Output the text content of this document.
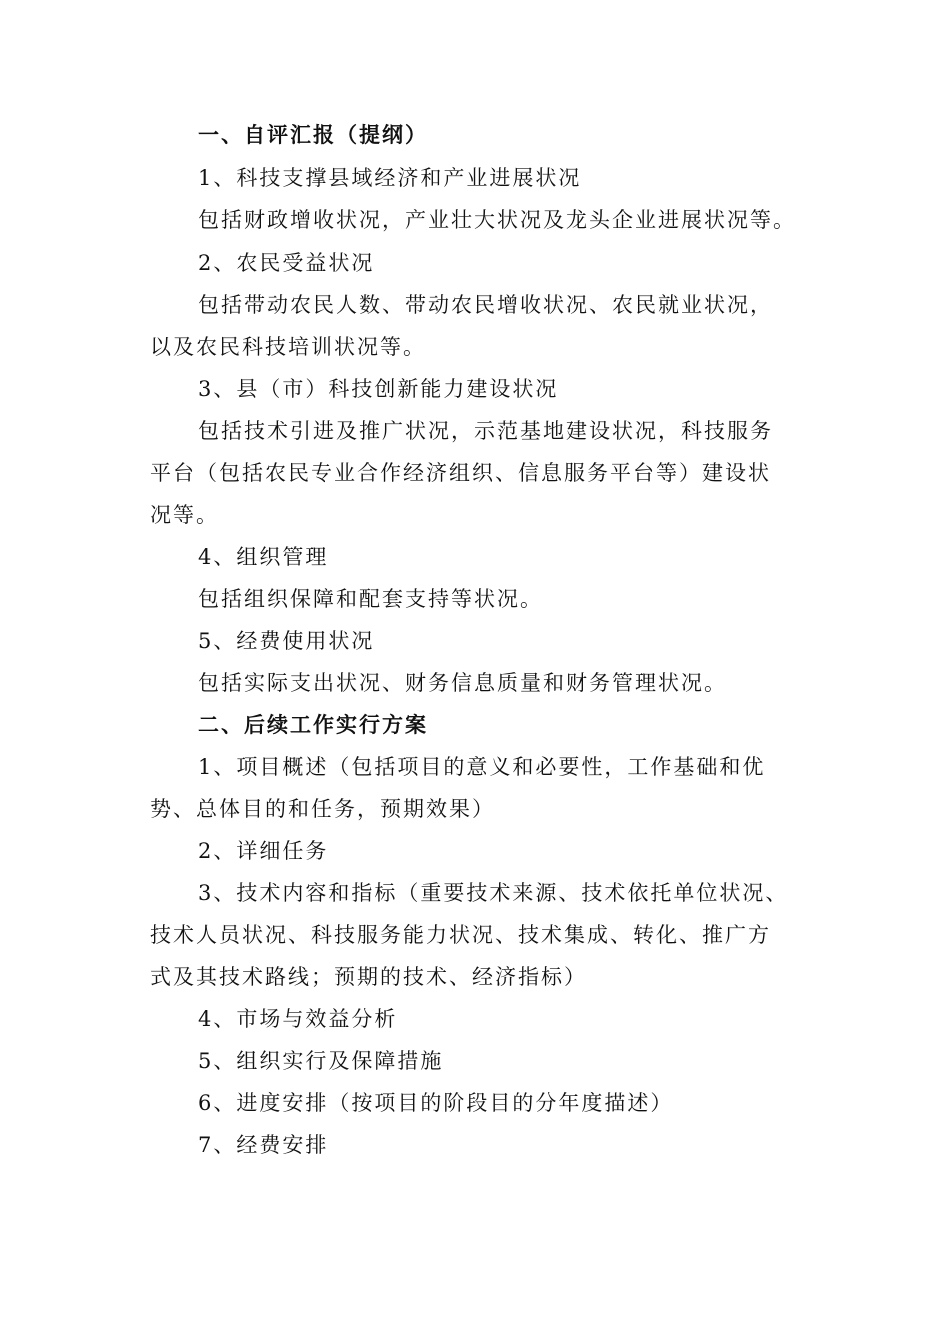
一、自评汇报（提纲）
1、科技支撑县域经济和产业进展状况
包括财政增收状况，产业壮大状况及龙头企业进展状况等。
2、农民受益状况
包括带动农民人数、带动农民增收状况、农民就业状况，
以及农民科技培训状况等。
3、县（市）科技创新能力建设状况
包括技术引进及推广状况，示范基地建设状况，科技服务
平台（包括农民专业合作经济组织、信息服务平台等）建设状
况等。
4、组织管理
包括组织保障和配套支持等状况。
5、经费使用状况
包括实际支出状况、财务信息质量和财务管理状况。
二、后续工作实行方案
1、项目概述（包括项目的意义和必要性，工作基础和优
势、总体目的和任务，预期效果）
2、详细任务
3、技术内容和指标（重要技术来源、技术依托单位状况、
技术人员状况、科技服务能力状况、技术集成、转化、推广方
式及其技术路线；预期的技术、经济指标）
4、市场与效益分析
5、组织实行及保障措施
6、进度安排（按项目的阶段目的分年度描述）
7、经费安排
